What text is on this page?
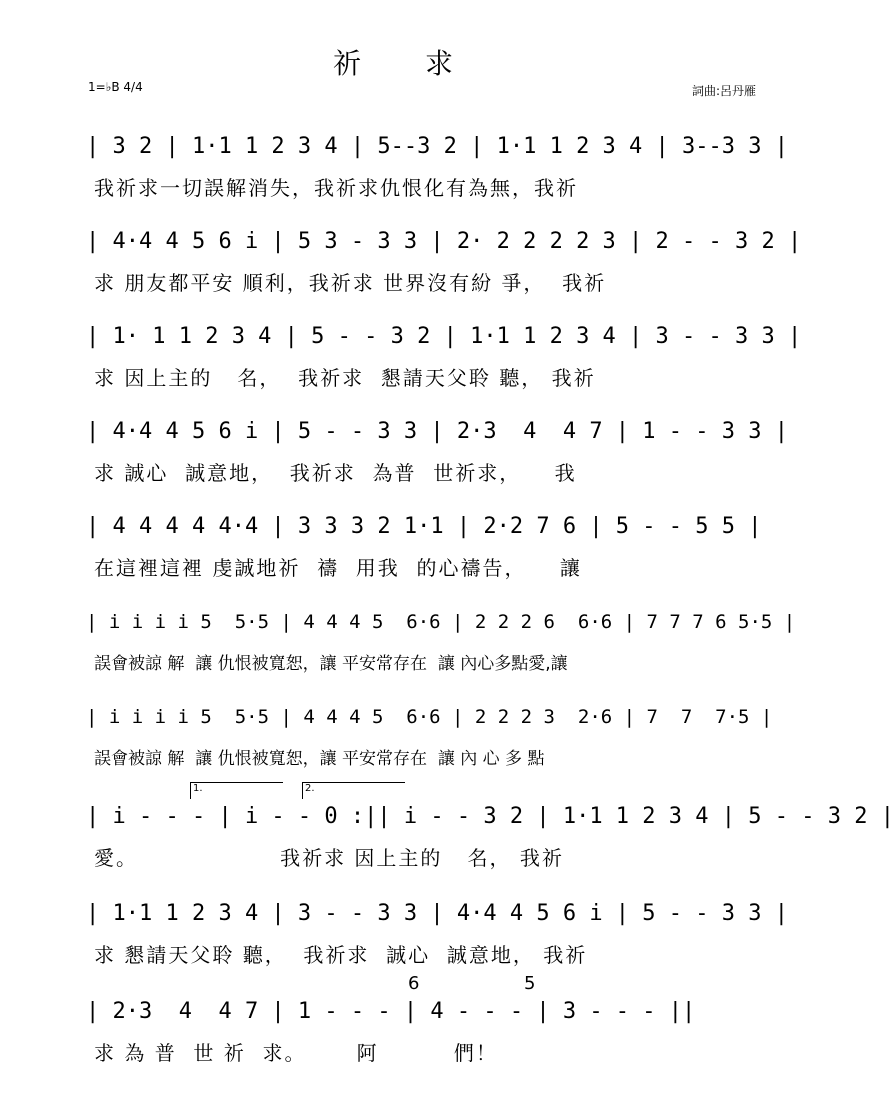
祈 求
1=♭B 4/4	詞曲:呂丹雁
| 3 2 | 1·1 1 2 3 4 | 5--3 2 | 1·1 1 2 3 4 | 3--3 3 |
我祈求一切誤解消失，我祈求仇恨化有為無，我祈
| 4·4 4 5 6 i | 5 3 - 3 3 | 2· 2 2 2 2 3 | 2 - - 3 2 |
求 朋友都平安 順利，我祈求 世界沒有紛 爭，  我祈
| 1· 1 1 2 3 4 | 5 - - 3 2 | 1·1 1 2 3 4 | 3 - - 3 3 |
求 因上主的   名，  我祈求  懇請天父聆 聽， 我祈
| 4·4 4 5 6 i | 5 - - 3 3 | 2·3  4  4 7 | 1 - - 3 3 |
求 誠心  誠意地，  我祈求  為普  世祈求，    我
| 4 4 4 4 4·4 | 3 3 3 2 1·1 | 2·2 7 6 | 5 - - 5 5 |
在這裡這裡 虔誠地祈  禱  用我  的心禱告，    讓
| i i i i 5  5·5 | 4 4 4 5  6·6 | 2 2 2 6  6·6 | 7 7 7 6 5·5 |
誤會被諒 解  讓 仇恨被寬恕，讓 平安常存在  讓 內心多點愛,讓
| i i i i 5  5·5 | 4 4 4 5  6·6 | 2 2 2 3  2·6 | 7  7  7·5 |
誤會被諒 解  讓 仇恨被寬恕，讓 平安常存在  讓 內 心 多 點
1.	2.
| i - - - | i - - 0 :|| i - - 3 2 | 1·1 1 2 3 4 | 5 - - 3 2 |
愛。                 我祈求 因上主的   名， 我祈
| 1·1 1 2 3 4 | 3 - - 3 3 | 4·4 4 5 6 i | 5 - - 3 3 |
求 懇請天父聆 聽，  我祈求  誠心  誠意地， 我祈
6	5
| 2·3  4  4 7 | 1 - - - | 4 - - - | 3 - - - ||
求 為 普  世 祈  求。      阿         們！
